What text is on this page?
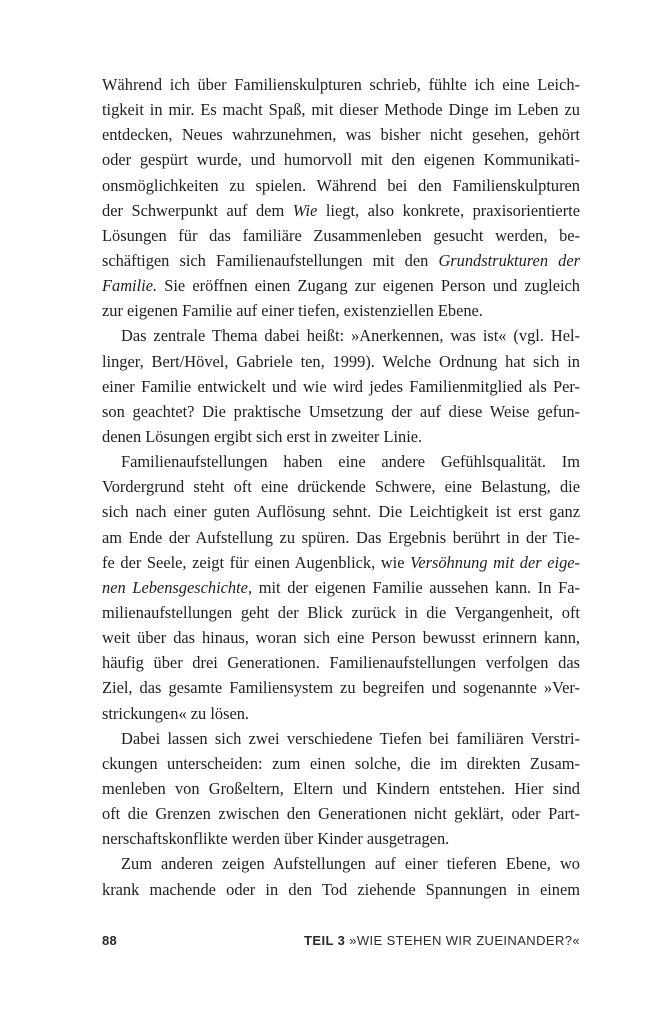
Während ich über Familienskulpturen schrieb, fühlte ich eine Leich-
tigkeit in mir. Es macht Spaß, mit dieser Methode Dinge im Leben zu
entdecken, Neues wahrzunehmen, was bisher nicht gesehen, gehört
oder gespürt wurde, und humorvoll mit den eigenen Kommunikati-
onsmöglichkeiten zu spielen. Während bei den Familienskulpturen
der Schwerpunkt auf dem Wie liegt, also konkrete, praxisorientierte
Lösungen für das familiäre Zusammenleben gesucht werden, be-
schäftigen sich Familienaufstellungen mit den Grundstrukturen der
Familie. Sie eröffnen einen Zugang zur eigenen Person und zugleich
zur eigenen Familie auf einer tiefen, existenziellen Ebene.
Das zentrale Thema dabei heißt: »Anerkennen, was ist« (vgl. Hel-
linger, Bert/Hövel, Gabriele ten, 1999). Welche Ordnung hat sich in
einer Familie entwickelt und wie wird jedes Familienmitglied als Per-
son geachtet? Die praktische Umsetzung der auf diese Weise gefun-
denen Lösungen ergibt sich erst in zweiter Linie.
Familienaufstellungen haben eine andere Gefühlsqualität. Im
Vordergrund steht oft eine drückende Schwere, eine Belastung, die
sich nach einer guten Auflösung sehnt. Die Leichtigkeit ist erst ganz
am Ende der Aufstellung zu spüren. Das Ergebnis berührt in der Tie-
fe der Seele, zeigt für einen Augenblick, wie Versöhnung mit der eige-
nen Lebensgeschichte, mit der eigenen Familie aussehen kann. In Fa-
milienaufstellungen geht der Blick zurück in die Vergangenheit, oft
weit über das hinaus, woran sich eine Person bewusst erinnern kann,
häufig über drei Generationen. Familienaufstellungen verfolgen das
Ziel, das gesamte Familiensystem zu begreifen und sogenannte »Ver-
strickungen« zu lösen.
Dabei lassen sich zwei verschiedene Tiefen bei familiären Verstri-
ckungen unterscheiden: zum einen solche, die im direkten Zusam-
menleben von Großeltern, Eltern und Kindern entstehen. Hier sind
oft die Grenzen zwischen den Generationen nicht geklärt, oder Part-
nerschaftskonflikte werden über Kinder ausgetragen.
Zum anderen zeigen Aufstellungen auf einer tieferen Ebene, wo
krank machende oder in den Tod ziehende Spannungen in einem
88	TEIL 3 »WIE STEHEN WIR ZUEINANDER?«
